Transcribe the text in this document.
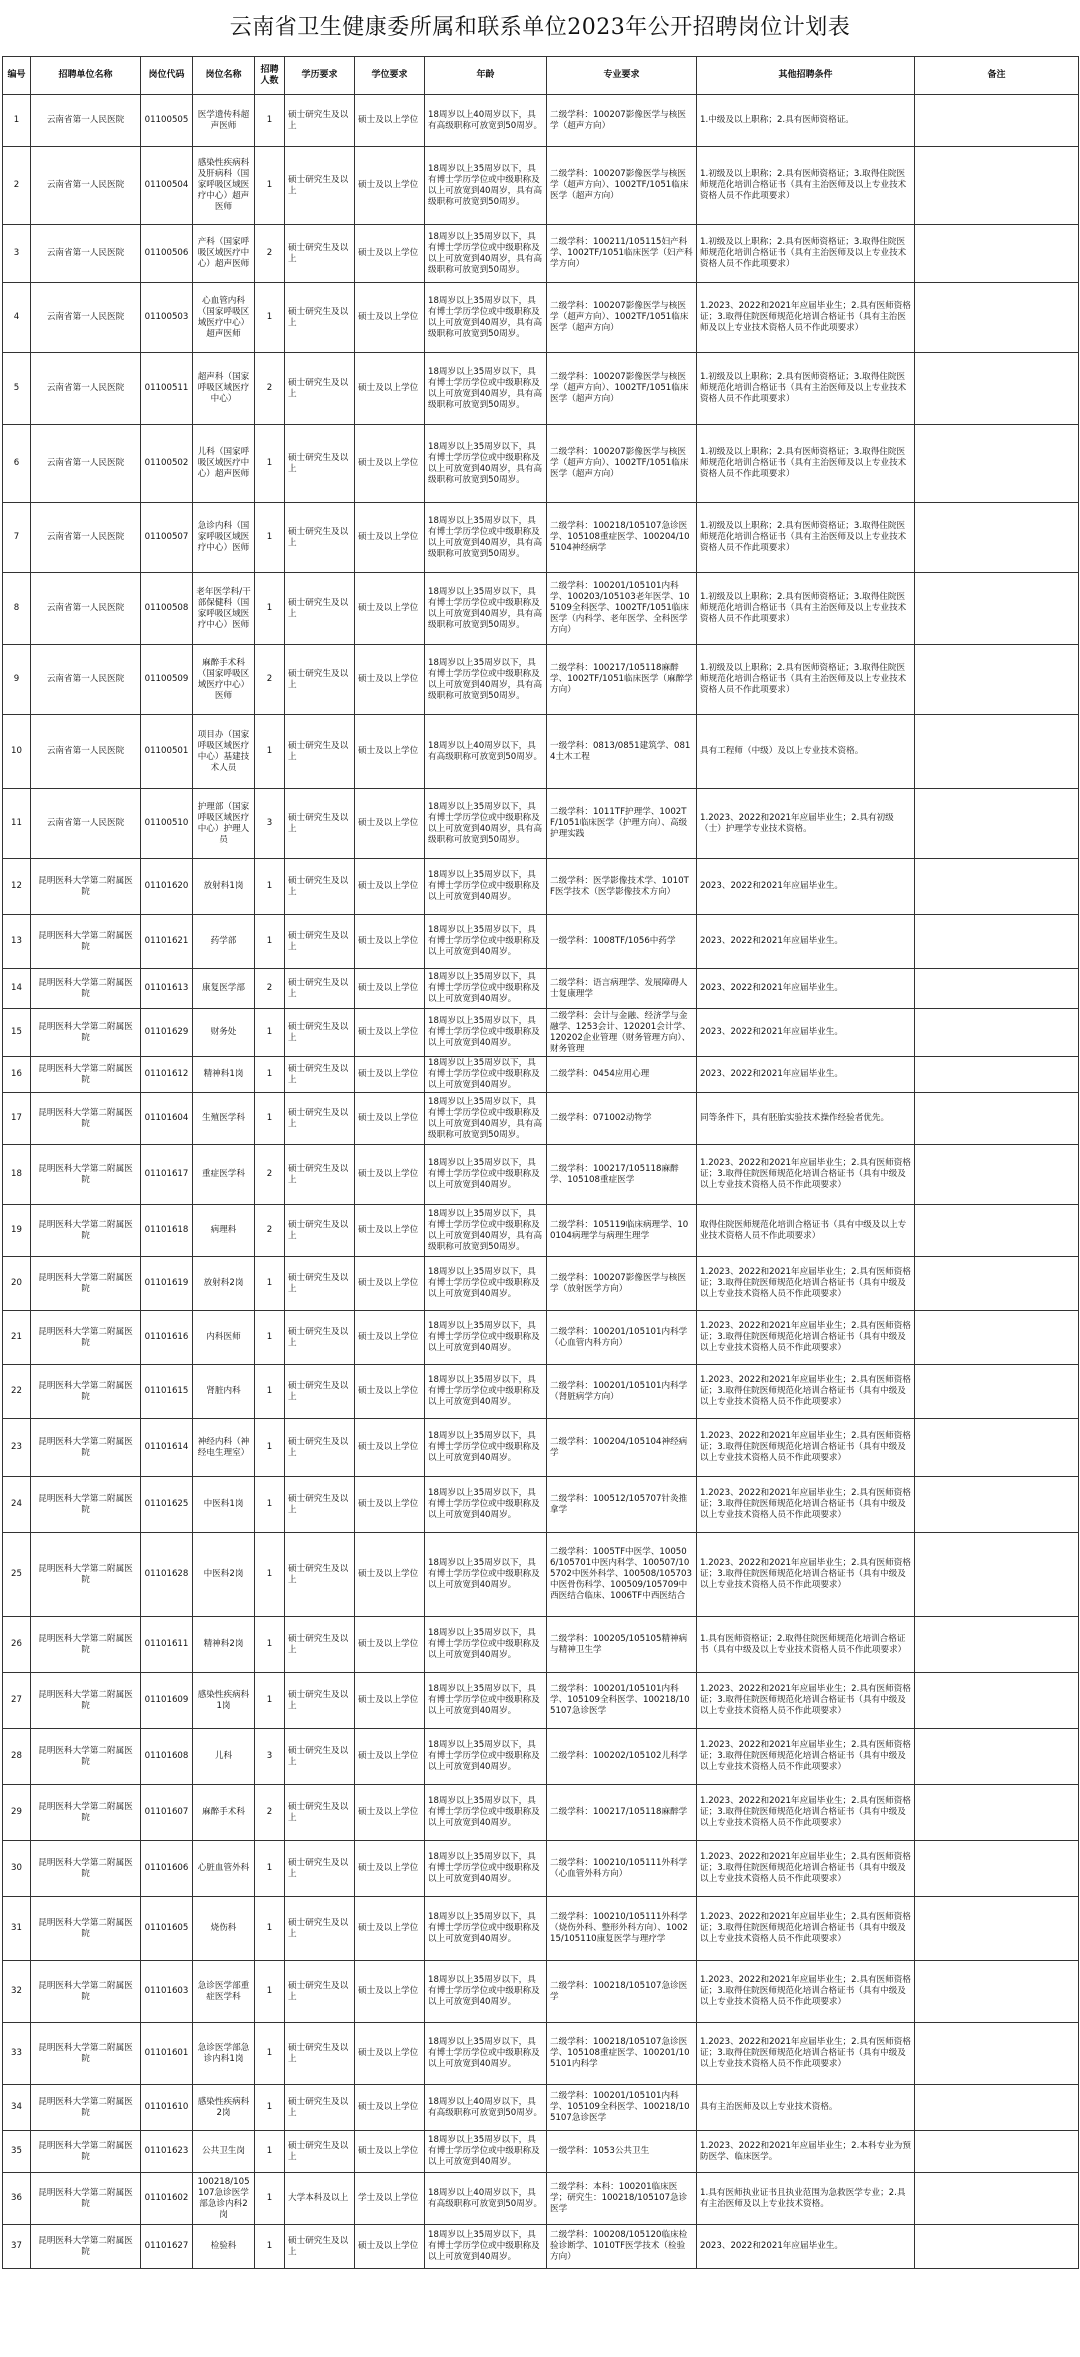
云南省卫生健康委所属和联系单位2023年公开招聘岗位计划表
编号	招聘单位名称	岗位代码	岗位名称	招聘人数	学历要求	学位要求	年龄	专业要求	其他招聘条件	备注
1	云南省第一人民医院	01100505	医学遗传科超声医师	1	硕士研究生及以上	硕士及以上学位	18周岁以上40周岁以下，具有高级职称可放宽到50周岁。	二级学科：100207影像医学与核医学（超声方向）	1.中级及以上职称；2.具有医师资格证。	
2	云南省第一人民医院	01100504	感染性疾病科及肝病科（国家呼吸区域医疗中心）超声医师	1	硕士研究生及以上	硕士及以上学位	18周岁以上35周岁以下，具有博士学历学位或中级职称及以上可放宽到40周岁，具有高级职称可放宽到50周岁。	二级学科：100207影像医学与核医学（超声方向）、1002TF/1051临床医学（超声方向）	1.初级及以上职称；2.具有医师资格证；3.取得住院医师规范化培训合格证书（具有主治医师及以上专业技术资格人员不作此项要求）	
3	云南省第一人民医院	01100506	产科（国家呼吸区域医疗中心）超声医师	2	硕士研究生及以上	硕士及以上学位	18周岁以上35周岁以下，具有博士学历学位或中级职称及以上可放宽到40周岁，具有高级职称可放宽到50周岁。	二级学科：100211/105115妇产科学、1002TF/1051临床医学（妇产科学方向）	1.初级及以上职称；2.具有医师资格证；3.取得住院医师规范化培训合格证书（具有主治医师及以上专业技术资格人员不作此项要求）	
4	云南省第一人民医院	01100503	心血管内科（国家呼吸区域医疗中心）超声医师	1	硕士研究生及以上	硕士及以上学位	18周岁以上35周岁以下，具有博士学历学位或中级职称及以上可放宽到40周岁，具有高级职称可放宽到50周岁。	二级学科：100207影像医学与核医学（超声方向）、1002TF/1051临床医学（超声方向）	1.2023、2022和2021年应届毕业生；2.具有医师资格证；3.取得住院医师规范化培训合格证书（具有主治医师及以上专业技术资格人员不作此项要求）	
5	云南省第一人民医院	01100511	超声科（国家呼吸区域医疗中心）	2	硕士研究生及以上	硕士及以上学位	18周岁以上35周岁以下，具有博士学历学位或中级职称及以上可放宽到40周岁，具有高级职称可放宽到50周岁。	二级学科：100207影像医学与核医学（超声方向）、1002TF/1051临床医学（超声方向）	1.初级及以上职称；2.具有医师资格证；3.取得住院医师规范化培训合格证书（具有主治医师及以上专业技术资格人员不作此项要求）	
6	云南省第一人民医院	01100502	儿科（国家呼吸区域医疗中心）超声医师	1	硕士研究生及以上	硕士及以上学位	18周岁以上35周岁以下，具有博士学历学位或中级职称及以上可放宽到40周岁，具有高级职称可放宽到50周岁。	二级学科：100207影像医学与核医学（超声方向）、1002TF/1051临床医学（超声方向）	1.初级及以上职称；2.具有医师资格证；3.取得住院医师规范化培训合格证书（具有主治医师及以上专业技术资格人员不作此项要求）	
7	云南省第一人民医院	01100507	急诊内科（国家呼吸区域医疗中心）医师	1	硕士研究生及以上	硕士及以上学位	18周岁以上35周岁以下，具有博士学历学位或中级职称及以上可放宽到40周岁，具有高级职称可放宽到50周岁。	二级学科：100218/105107急诊医学、105108重症医学、100204/105104神经病学	1.初级及以上职称；2.具有医师资格证；3.取得住院医师规范化培训合格证书（具有主治医师及以上专业技术资格人员不作此项要求）	
8	云南省第一人民医院	01100508	老年医学科/干部保健科（国家呼吸区域医疗中心）医师	1	硕士研究生及以上	硕士及以上学位	18周岁以上35周岁以下，具有博士学历学位或中级职称及以上可放宽到40周岁，具有高级职称可放宽到50周岁。	二级学科：100201/105101内科学、100203/105103老年医学、105109全科医学、1002TF/1051临床医学（内科学、老年医学、全科医学方向）	1.初级及以上职称；2.具有医师资格证；3.取得住院医师规范化培训合格证书（具有主治医师及以上专业技术资格人员不作此项要求）	
9	云南省第一人民医院	01100509	麻醉手术科（国家呼吸区域医疗中心）医师	2	硕士研究生及以上	硕士及以上学位	18周岁以上35周岁以下，具有博士学历学位或中级职称及以上可放宽到40周岁，具有高级职称可放宽到50周岁。	二级学科：100217/105118麻醉学、1002TF/1051临床医学（麻醉学方向）	1.初级及以上职称；2.具有医师资格证；3.取得住院医师规范化培训合格证书（具有主治医师及以上专业技术资格人员不作此项要求）	
10	云南省第一人民医院	01100501	项目办（国家呼吸区域医疗中心）基建技术人员	1	硕士研究生及以上	硕士及以上学位	18周岁以上40周岁以下，具有高级职称可放宽到50周岁。	一级学科：0813/0851建筑学、0814土木工程	具有工程师（中级）及以上专业技术资格。	
11	云南省第一人民医院	01100510	护理部（国家呼吸区域医疗中心）护理人员	3	硕士研究生及以上	硕士及以上学位	18周岁以上35周岁以下，具有博士学历学位或中级职称及以上可放宽到40周岁，具有高级职称可放宽到50周岁。	二级学科：1011TF护理学、1002TF/1051临床医学（护理方向）、高级护理实践	1.2023、2022和2021年应届毕业生；2.具有初级（士）护理学专业技术资格。	
12	昆明医科大学第二附属医院	01101620	放射科1岗	1	硕士研究生及以上	硕士及以上学位	18周岁以上35周岁以下，具有博士学历学位或中级职称及以上可放宽到40周岁。	二级学科：医学影像技术学、1010TF医学技术（医学影像技术方向）	2023、2022和2021年应届毕业生。	
13	昆明医科大学第二附属医院	01101621	药学部	1	硕士研究生及以上	硕士及以上学位	18周岁以上35周岁以下，具有博士学历学位或中级职称及以上可放宽到40周岁。	一级学科：1008TF/1056中药学	2023、2022和2021年应届毕业生。	
14	昆明医科大学第二附属医院	01101613	康复医学部	2	硕士研究生及以上	硕士及以上学位	18周岁以上35周岁以下，具有博士学历学位或中级职称及以上可放宽到40周岁。	二级学科：语言病理学、发展障碍人士复康理学	2023、2022和2021年应届毕业生。	
15	昆明医科大学第二附属医院	01101629	财务处	1	硕士研究生及以上	硕士及以上学位	18周岁以上35周岁以下，具有博士学历学位或中级职称及以上可放宽到40周岁。	二级学科：会计与金融、经济学与金融学、1253会计、120201会计学、120202企业管理（财务管理方向）、财务管理	2023、2022和2021年应届毕业生。	
16	昆明医科大学第二附属医院	01101612	精神科1岗	1	硕士研究生及以上	硕士及以上学位	18周岁以上35周岁以下，具有博士学历学位或中级职称及以上可放宽到40周岁。	二级学科：0454应用心理	2023、2022和2021年应届毕业生。	
17	昆明医科大学第二附属医院	01101604	生殖医学科	1	硕士研究生及以上	硕士及以上学位	18周岁以上35周岁以下，具有博士学历学位或中级职称及以上可放宽到40周岁，具有高级职称可放宽到50周岁。	二级学科：071002动物学	同等条件下，具有胚胎实验技术操作经验者优先。	
18	昆明医科大学第二附属医院	01101617	重症医学科	2	硕士研究生及以上	硕士及以上学位	18周岁以上35周岁以下，具有博士学历学位或中级职称及以上可放宽到40周岁。	二级学科：100217/105118麻醉学、105108重症医学	1.2023、2022和2021年应届毕业生；2.具有医师资格证；3.取得住院医师规范化培训合格证书（具有中级及以上专业技术资格人员不作此项要求）	
19	昆明医科大学第二附属医院	01101618	病理科	2	硕士研究生及以上	硕士及以上学位	18周岁以上35周岁以下，具有博士学历学位或中级职称及以上可放宽到40周岁，具有高级职称可放宽到50周岁。	二级学科：105119临床病理学、100104病理学与病理生理学	取得住院医师规范化培训合格证书（具有中级及以上专业技术资格人员不作此项要求）	
20	昆明医科大学第二附属医院	01101619	放射科2岗	1	硕士研究生及以上	硕士及以上学位	18周岁以上35周岁以下，具有博士学历学位或中级职称及以上可放宽到40周岁。	二级学科：100207影像医学与核医学（放射医学方向）	1.2023、2022和2021年应届毕业生；2.具有医师资格证；3.取得住院医师规范化培训合格证书（具有中级及以上专业技术资格人员不作此项要求）	
21	昆明医科大学第二附属医院	01101616	内科医师	1	硕士研究生及以上	硕士及以上学位	18周岁以上35周岁以下，具有博士学历学位或中级职称及以上可放宽到40周岁。	二级学科：100201/105101内科学（心血管内科方向）	1.2023、2022和2021年应届毕业生；2.具有医师资格证；3.取得住院医师规范化培训合格证书（具有中级及以上专业技术资格人员不作此项要求）	
22	昆明医科大学第二附属医院	01101615	肾脏内科	1	硕士研究生及以上	硕士及以上学位	18周岁以上35周岁以下，具有博士学历学位或中级职称及以上可放宽到40周岁。	二级学科：100201/105101内科学（肾脏病学方向）	1.2023、2022和2021年应届毕业生；2.具有医师资格证；3.取得住院医师规范化培训合格证书（具有中级及以上专业技术资格人员不作此项要求）	
23	昆明医科大学第二附属医院	01101614	神经内科（神经电生理室）	1	硕士研究生及以上	硕士及以上学位	18周岁以上35周岁以下，具有博士学历学位或中级职称及以上可放宽到40周岁。	二级学科：100204/105104神经病学	1.2023、2022和2021年应届毕业生；2.具有医师资格证；3.取得住院医师规范化培训合格证书（具有中级及以上专业技术资格人员不作此项要求）	
24	昆明医科大学第二附属医院	01101625	中医科1岗	1	硕士研究生及以上	硕士及以上学位	18周岁以上35周岁以下，具有博士学历学位或中级职称及以上可放宽到40周岁。	二级学科：100512/105707针灸推拿学	1.2023、2022和2021年应届毕业生；2.具有医师资格证；3.取得住院医师规范化培训合格证书（具有中级及以上专业技术资格人员不作此项要求）	
25	昆明医科大学第二附属医院	01101628	中医科2岗	1	硕士研究生及以上	硕士及以上学位	18周岁以上35周岁以下，具有博士学历学位或中级职称及以上可放宽到40周岁。	二级学科：1005TF中医学、100506/105701中医内科学、100507/105702中医外科学、100508/105703中医骨伤科学、100509/105709中西医结合临床、1006TF中西医结合	1.2023、2022和2021年应届毕业生；2.具有医师资格证；3.取得住院医师规范化培训合格证书（具有中级及以上专业技术资格人员不作此项要求）	
26	昆明医科大学第二附属医院	01101611	精神科2岗	1	硕士研究生及以上	硕士及以上学位	18周岁以上35周岁以下，具有博士学历学位或中级职称及以上可放宽到40周岁。	二级学科：100205/105105精神病与精神卫生学	1.具有医师资格证；2.取得住院医师规范化培训合格证书（具有中级及以上专业技术资格人员不作此项要求）	
27	昆明医科大学第二附属医院	01101609	感染性疾病科1岗	1	硕士研究生及以上	硕士及以上学位	18周岁以上35周岁以下，具有博士学历学位或中级职称及以上可放宽到40周岁。	二级学科：100201/105101内科学、105109全科医学、100218/105107急诊医学	1.2023、2022和2021年应届毕业生；2.具有医师资格证；3.取得住院医师规范化培训合格证书（具有中级及以上专业技术资格人员不作此项要求）	
28	昆明医科大学第二附属医院	01101608	儿科	3	硕士研究生及以上	硕士及以上学位	18周岁以上35周岁以下，具有博士学历学位或中级职称及以上可放宽到40周岁。	二级学科：100202/105102儿科学	1.2023、2022和2021年应届毕业生；2.具有医师资格证；3.取得住院医师规范化培训合格证书（具有中级及以上专业技术资格人员不作此项要求）	
29	昆明医科大学第二附属医院	01101607	麻醉手术科	2	硕士研究生及以上	硕士及以上学位	18周岁以上35周岁以下，具有博士学历学位或中级职称及以上可放宽到40周岁。	二级学科：100217/105118麻醉学	1.2023、2022和2021年应届毕业生；2.具有医师资格证；3.取得住院医师规范化培训合格证书（具有中级及以上专业技术资格人员不作此项要求）	
30	昆明医科大学第二附属医院	01101606	心脏血管外科	1	硕士研究生及以上	硕士及以上学位	18周岁以上35周岁以下，具有博士学历学位或中级职称及以上可放宽到40周岁。	二级学科：100210/105111外科学（心血管外科方向）	1.2023、2022和2021年应届毕业生；2.具有医师资格证；3.取得住院医师规范化培训合格证书（具有中级及以上专业技术资格人员不作此项要求）	
31	昆明医科大学第二附属医院	01101605	烧伤科	1	硕士研究生及以上	硕士及以上学位	18周岁以上35周岁以下，具有博士学历学位或中级职称及以上可放宽到40周岁。	二级学科：100210/105111外科学（烧伤外科、整形外科方向）、100215/105110康复医学与理疗学	1.2023、2022和2021年应届毕业生；2.具有医师资格证；3.取得住院医师规范化培训合格证书（具有中级及以上专业技术资格人员不作此项要求）	
32	昆明医科大学第二附属医院	01101603	急诊医学部重症医学科	1	硕士研究生及以上	硕士及以上学位	18周岁以上35周岁以下，具有博士学历学位或中级职称及以上可放宽到40周岁。	二级学科：100218/105107急诊医学	1.2023、2022和2021年应届毕业生；2.具有医师资格证；3.取得住院医师规范化培训合格证书（具有中级及以上专业技术资格人员不作此项要求）	
33	昆明医科大学第二附属医院	01101601	急诊医学部急诊内科1岗	1	硕士研究生及以上	硕士及以上学位	18周岁以上35周岁以下，具有博士学历学位或中级职称及以上可放宽到40周岁。	二级学科：100218/105107急诊医学、105108重症医学、100201/105101内科学	1.2023、2022和2021年应届毕业生；2.具有医师资格证；3.取得住院医师规范化培训合格证书（具有中级及以上专业技术资格人员不作此项要求）	
34	昆明医科大学第二附属医院	01101610	感染性疾病科2岗	1	硕士研究生及以上	硕士及以上学位	18周岁以上40周岁以下，具有高级职称可放宽到50周岁。	二级学科：100201/105101内科学、105109全科医学、100218/105107急诊医学	具有主治医师及以上专业技术资格。	
35	昆明医科大学第二附属医院	01101623	公共卫生岗	1	硕士研究生及以上	硕士及以上学位	18周岁以上35周岁以下，具有博士学历学位或中级职称及以上可放宽到40周岁。	一级学科：1053公共卫生	1.2023、2022和2021年应届毕业生；2.本科专业为预防医学、临床医学。	
36	昆明医科大学第二附属医院	01101602	100218/105107急诊医学部急诊内科2岗	1	大学本科及以上	学士及以上学位	18周岁以上40周岁以下，具有高级职称可放宽到50周岁。	二级学科：本科：100201临床医学；研究生：100218/105107急诊医学	1.具有医师执业证书且执业范围为急救医学专业；2.具有主治医师及以上专业技术资格。	
37	昆明医科大学第二附属医院	01101627	检验科	1	硕士研究生及以上	硕士及以上学位	18周岁以上35周岁以下，具有博士学历学位或中级职称及以上可放宽到40周岁。	二级学科：100208/105120临床检验诊断学、1010TF医学技术（检验方向）	2023、2022和2021年应届毕业生。	
